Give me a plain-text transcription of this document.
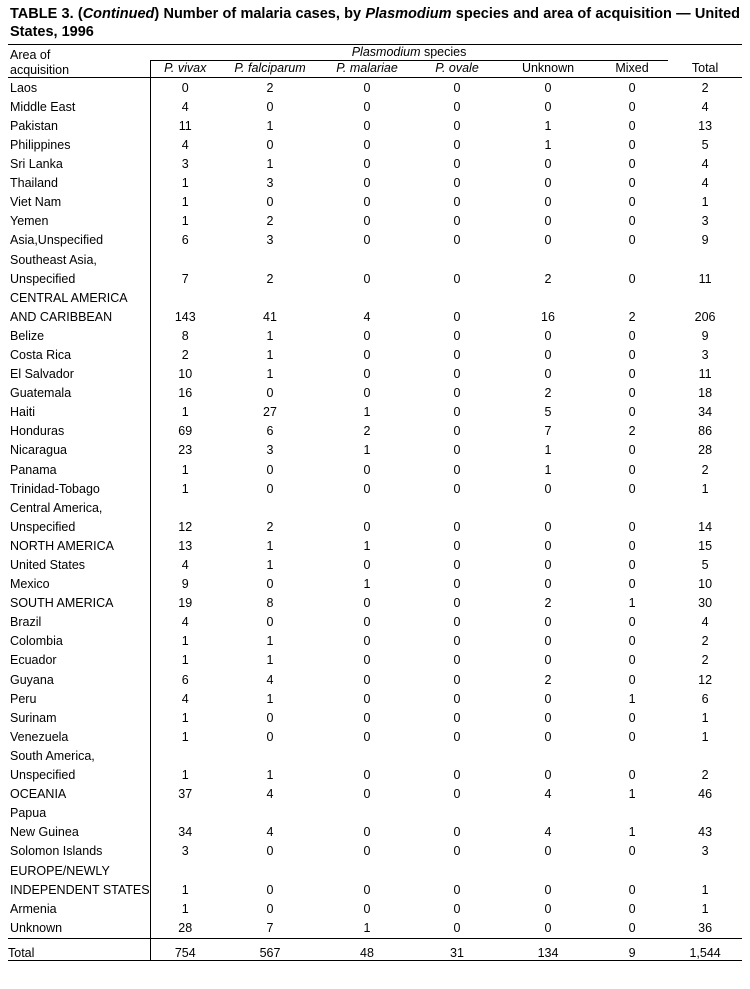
TABLE 3. (Continued) Number of malaria cases, by Plasmodium species and area of acquisition — United States, 1996
Area of
acquisition	Plasmodium species						
	P. vivax	P. falciparum	P. malariae	P. ovale	Unknown	Mixed	Total
Laos	0	2	0	0	0	0	2
Middle East	4	0	0	0	0	0	4
Pakistan	11	1	0	0	1	0	13
Philippines	4	0	0	0	1	0	5
Sri Lanka	3	1	0	0	0	0	4
Thailand	1	3	0	0	0	0	4
Viet Nam	1	0	0	0	0	0	1
Yemen	1	2	0	0	0	0	3
Asia,Unspecified	6	3	0	0	0	0	9
Southeast Asia,							
Unspecified	7	2	0	0	2	0	11
CENTRAL AMERICA							
AND CARIBBEAN	143	41	4	0	16	2	206
Belize	8	1	0	0	0	0	9
Costa Rica	2	1	0	0	0	0	3
El Salvador	10	1	0	0	0	0	11
Guatemala	16	0	0	0	2	0	18
Haiti	1	27	1	0	5	0	34
Honduras	69	6	2	0	7	2	86
Nicaragua	23	3	1	0	1	0	28
Panama	1	0	0	0	1	0	2
Trinidad-Tobago	1	0	0	0	0	0	1
Central America,							
Unspecified	12	2	0	0	0	0	14
NORTH AMERICA	13	1	1	0	0	0	15
United States	4	1	0	0	0	0	5
Mexico	9	0	1	0	0	0	10
SOUTH AMERICA	19	8	0	0	2	1	30
Brazil	4	0	0	0	0	0	4
Colombia	1	1	0	0	0	0	2
Ecuador	1	1	0	0	0	0	2
Guyana	6	4	0	0	2	0	12
Peru	4	1	0	0	0	1	6
Surinam	1	0	0	0	0	0	1
Venezuela	1	0	0	0	0	0	1
South America,							
Unspecified	1	1	0	0	0	0	2
OCEANIA	37	4	0	0	4	1	46
Papua							
New Guinea	34	4	0	0	4	1	43
Solomon Islands	3	0	0	0	0	0	3
EUROPE/NEWLY							
INDEPENDENT STATES	1	0	0	0	0	0	1
Armenia	1	0	0	0	0	0	1
Unknown	28	7	1	0	0	0	36
Total	754	567	48	31	134	9	1,544
